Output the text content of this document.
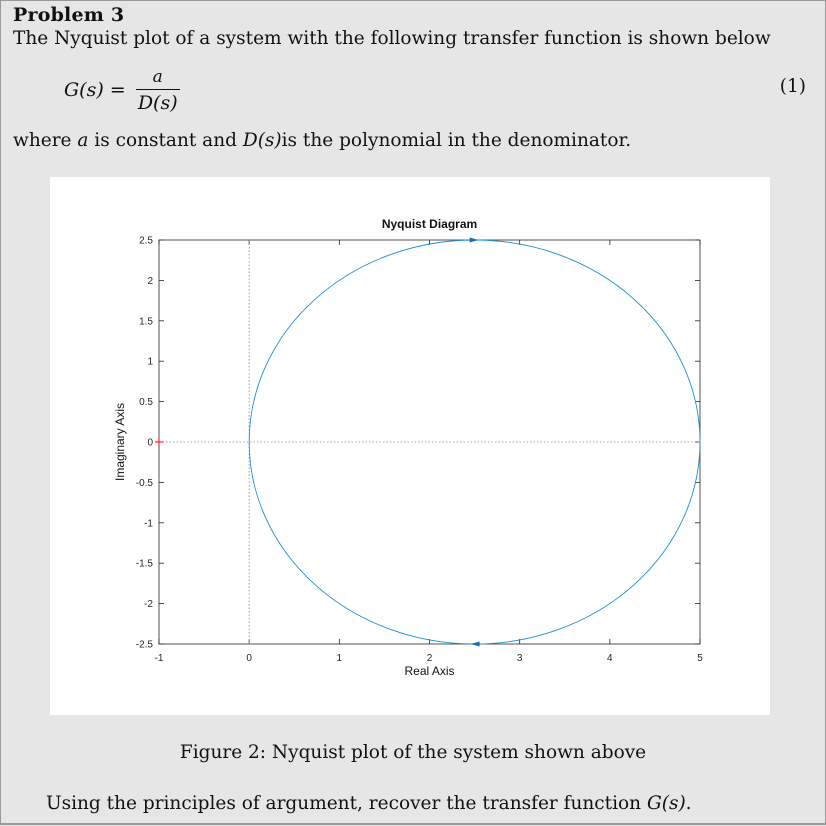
Problem 3
The Nyquist plot of a system with the following transfer function is shown below
$G(s) = \frac{a}{D(s)}$	(1)
where a is constant and D(s)is the polynomial in the denominator.
-1	0	1	2	3	4	5
2.5
2
1.5
1
0.5
0
-0.5
-1
-1.5
-2
-2.5
Nyquist Diagram
Real Axis
Imaginary Axis
Figure 2: Nyquist plot of the system shown above
Using the principles of argument, recover the transfer function G(s).
